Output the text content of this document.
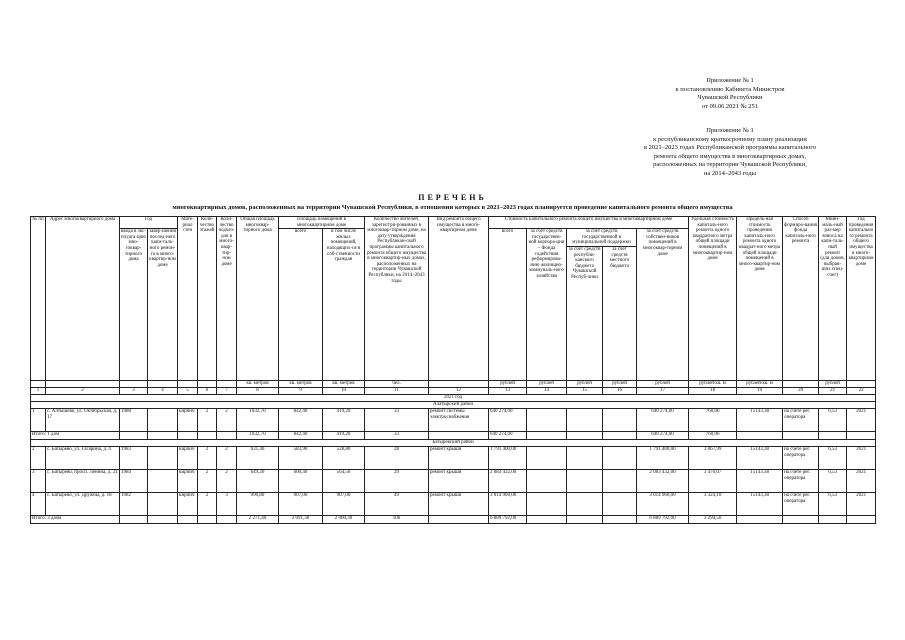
Приложение № 1
к постановлению Кабинета Министров
Чувашской Республики
от 09.06.2021 № 251
Приложение № 1
к республиканскому краткосрочному плану реализации
в 2021–2023 годах Республиканской программы капитального
ремонта общего имущества в многоквартирных домах,
расположенных на территории Чувашской Республики,
на 2014–2043 годы
ПЕРЕЧЕНЬ
многоквартирных домов, расположенных на территории Чувашской Республики, в отношении которых в 2021–2023 годах планируется проведение капитального ремонта общего имущества
№ пп	Адрес многоквартирного дома	Год		Мате-риал стен	Коли-чество этажей	Коли-чество подъез-дов в много-квар-тир-ном доме	Общая площадь многоквар-тирного дома	Площадь помещений в многоквартирном доме		Количество жителей, зарегистри-рованных в многоквар-тирном доме, на дату утверждения Республикан-ской программы капитального ремонта общего имущества в многоквартир-ных домах, расположенных на территории Чувашской Республики, на 2014–2043 годы	Вид ремонта общего имущества в много-квартирном доме	Стоимость капитального ремонта общего имущества в многоквартирном доме					Удельная стоимость капиталь-ного ремонта одного квадратного метра общей площади помещений в многоквартир-ном доме	Предель-ная стоимость проведения капиталь-ного ремонта одного квадрат-ного метра общей площади помещений в много-квартир-ном доме	Способ формиро-вания фонда капиталь-ного ремонта	Мини-маль-ный раз-мер взноса на капи-таль-ный ремонт (для домов, выбрав-ших спец-счет)	Год проведения капитального ремонта общего имущества в много-квартирном доме
		ввода в экс-плуата-цию мно-гоквар-тирного дома	завер-шения послед-него капи-таль-ного ремон-та в много-квартир-ном доме					всего	в том числе жилых помещений, находящих-ся в соб-ственности граждан			всего	за счет средств государствен-ной корпора-ции – Фонда содействия реформирова-нию жилищно-коммуналь-ного хозяйства	за счет средств государственной и муниципальной поддержки		за счет средств собствен-ников помещений в многоквар-тирном доме					
														за счет средств республи-канского бюджета Чувашской Респуб-лики	за счет средств местного бюджета						
							кв. метров	кв. метров	кв. метров	чел.		рублей	рублей	рублей	рублей	рублей	рублей/кв. м	рублей/кв. м		рублей	
1	2	3	4	5	6	7	8	9	10	11	12	13	14	15	16	17	18	19	20	21	22
2021 год																					
Алатырский район																					
1	с. Алтышево, ул. Октябрьская, д. 17	1988		кирпич	2	2	1032,70	842,40	419,20	33	ремонт системы электроснабжения	640 274,00				640 274,00	760,06	15143,38	на счете рег. оператора	6,53	2021
Итого: 1 дом							1032,70	842,40	419,20	33		640 274,00				640 274,00	760,06				
Батыревский район																					
2	с. Батырево, ул. Гагарина, д. 4	1983		кирпич	2	2	631,40	583,90	528,80	28	ремонт крыши	1 791 400,00				1 791 400,00	3 067,99	15143,38	на счете рег. оператора	6,53	2021
3	с. Батырево, просп. Ленина, д. 21	1984		кирпич	2	2	649,20	600,40	564,50	29	ремонт крыши	2 083 432,00				2 083 432,00	3 470,07	15143,38	на счете рег. оператора	6,53	2021
4	с. Батырево, ул. Дружбы, д. 18	1982		кирпич	2	3	990,80	907,00	907,00	49	ремонт крыши	3 014 960,00				3 014 960,00	3 324,10	15143,38	на счете рег. оператора	6,53	2021
Итого: 3 дома							2 271,40	2 091,30	2 000,30	106		6 889 792,00				6 889 792,00	3 294,50				
